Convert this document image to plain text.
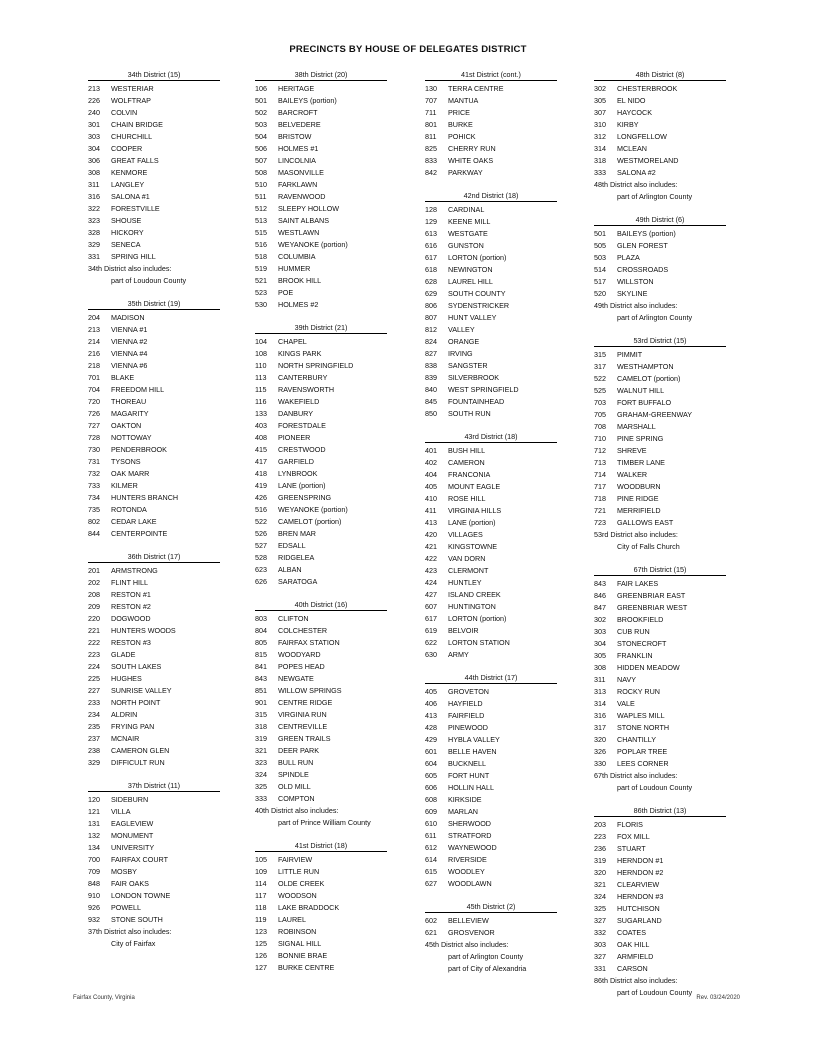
PRECINCTS BY HOUSE OF DELEGATES DISTRICT
34th District (15)
213	WESTERIAR
226	WOLFTRAP
240	COLVIN
301	CHAIN BRIDGE
303	CHURCHILL
304	COOPER
306	GREAT FALLS
308	KENMORE
311	LANGLEY
316	SALONA #1
322	FORESTVILLE
323	SHOUSE
328	HICKORY
329	SENECA
331	SPRING HILL
34th District also includes:
part of Loudoun County
35th District (19)
204	MADISON
213	VIENNA #1
214	VIENNA #2
216	VIENNA #4
218	VIENNA #6
701	BLAKE
704	FREEDOM HILL
720	THOREAU
726	MAGARITY
727	OAKTON
728	NOTTOWAY
730	PENDERBROOK
731	TYSONS
732	OAK MARR
733	KILMER
734	HUNTERS BRANCH
735	ROTONDA
802	CEDAR LAKE
844	CENTERPOINTE
36th District (17)
201	ARMSTRONG
202	FLINT HILL
208	RESTON #1
209	RESTON #2
220	DOGWOOD
221	HUNTERS WOODS
222	RESTON #3
223	GLADE
224	SOUTH LAKES
225	HUGHES
227	SUNRISE VALLEY
233	NORTH POINT
234	ALDRIN
235	FRYING PAN
237	MCNAIR
238	CAMERON GLEN
329	DIFFICULT RUN
37th District (11)
120	SIDEBURN
121	VILLA
131	EAGLEVIEW
132	MONUMENT
134	UNIVERSITY
700	FAIRFAX COURT
709	MOSBY
848	FAIR OAKS
910	LONDON TOWNE
926	POWELL
932	STONE SOUTH
37th District also includes:
City of Fairfax
38th District (20)
106	HERITAGE
501	BAILEYS (portion)
502	BARCROFT
503	BELVEDERE
504	BRISTOW
506	HOLMES #1
507	LINCOLNIA
508	MASONVILLE
510	FARKLAWN
511	RAVENWOOD
512	SLEEPY HOLLOW
513	SAINT ALBANS
515	WESTLAWN
516	WEYANOKE (portion)
518	COLUMBIA
519	HUMMER
521	BROOK HILL
523	POE
530	HOLMES #2
39th District (21)
104	CHAPEL
108	KINGS PARK
110	NORTH SPRINGFIELD
113	CANTERBURY
115	RAVENSWORTH
116	WAKEFIELD
133	DANBURY
403	FORESTDALE
408	PIONEER
415	CRESTWOOD
417	GARFIELD
418	LYNBROOK
419	LANE (portion)
426	GREENSPRING
516	WEYANOKE (portion)
522	CAMELOT (portion)
526	BREN MAR
527	EDSALL
528	RIDGELEA
623	ALBAN
626	SARATOGA
40th District (16)
803	CLIFTON
804	COLCHESTER
805	FAIRFAX STATION
815	WOODYARD
841	POPES HEAD
843	NEWGATE
851	WILLOW SPRINGS
901	CENTRE RIDGE
315	VIRGINIA RUN
318	CENTREVILLE
319	GREEN TRAILS
321	DEER PARK
323	BULL RUN
324	SPINDLE
325	OLD MILL
333	COMPTON
40th District also includes:
part of Prince William County
41st District (18)
105	FAIRVIEW
109	LITTLE RUN
114	OLDE CREEK
117	WOODSON
118	LAKE BRADDOCK
119	LAUREL
123	ROBINSON
125	SIGNAL HILL
126	BONNIE BRAE
127	BURKE CENTRE
41st District (cont.)
130	TERRA CENTRE
707	MANTUA
711	PRICE
801	BURKE
811	POHICK
825	CHERRY RUN
833	WHITE OAKS
842	PARKWAY
42nd District (18)
128	CARDINAL
129	KEENE MILL
613	WESTGATE
616	GUNSTON
617	LORTON (portion)
618	NEWINGTON
628	LAUREL HILL
629	SOUTH COUNTY
806	SYDENSTRICKER
807	HUNT VALLEY
812	VALLEY
824	ORANGE
827	IRVING
838	SANGSTER
839	SILVERBROOK
840	WEST SPRINGFIELD
845	FOUNTAINHEAD
850	SOUTH RUN
43rd District (18)
401	BUSH HILL
402	CAMERON
404	FRANCONIA
405	MOUNT EAGLE
410	ROSE HILL
411	VIRGINIA HILLS
413	LANE (portion)
420	VILLAGES
421	KINGSTOWNE
422	VAN DORN
423	CLERMONT
424	HUNTLEY
427	ISLAND CREEK
607	HUNTINGTON
617	LORTON (portion)
619	BELVOIR
622	LORTON STATION
630	ARMY
44th District (17)
405	GROVETON
406	HAYFIELD
413	FAIRFIELD
428	PINEWOOD
429	HYBLA VALLEY
601	BELLE HAVEN
604	BUCKNELL
605	FORT HUNT
606	HOLLIN HALL
608	KIRKSIDE
609	MARLAN
610	SHERWOOD
611	STRATFORD
612	WAYNEWOOD
614	RIVERSIDE
615	WOODLEY
627	WOODLAWN
45th District (2)
602	BELLEVIEW
621	GROSVENOR
45th District also includes:
part of Arlington County
part of City of Alexandria
48th District (8)
302	CHESTERBROOK
305	EL NIDO
307	HAYCOCK
310	KIRBY
312	LONGFELLOW
314	MCLEAN
318	WESTMORELAND
333	SALONA #2
48th District also includes:
part of Arlington County
49th District (6)
501	BAILEYS (portion)
505	GLEN FOREST
503	PLAZA
514	CROSSROADS
517	WILLSTON
520	SKYLINE
49th District also includes:
part of Arlington County
53rd District (15)
315	PIMMIT
317	WESTHAMPTON
522	CAMELOT (portion)
525	WALNUT HILL
703	FORT BUFFALO
705	GRAHAM-GREENWAY
708	MARSHALL
710	PINE SPRING
712	SHREVE
713	TIMBER LANE
714	WALKER
717	WOODBURN
718	PINE RIDGE
721	MERRIFIELD
723	GALLOWS EAST
53rd District also includes:
City of Falls Church
67th District (15)
843	FAIR LAKES
846	GREENBRIAR EAST
847	GREENBRIAR WEST
302	BROOKFIELD
303	CUB RUN
304	STONECROFT
305	FRANKLIN
308	HIDDEN MEADOW
311	NAVY
313	ROCKY RUN
314	VALE
316	WAPLES MILL
317	STONE NORTH
320	CHANTILLY
326	POPLAR TREE
330	LEES CORNER
67th District also includes:
part of Loudoun County
86th District (13)
203	FLORIS
223	FOX MILL
236	STUART
319	HERNDON #1
320	HERNDON #2
321	CLEARVIEW
324	HERNDON #3
325	HUTCHISON
327	SUGARLAND
332	COATES
303	OAK HILL
327	ARMFIELD
331	CARSON
86th District also includes:
part of Loudoun County
Fairfax County, Virginia	Rev. 03/24/2020
